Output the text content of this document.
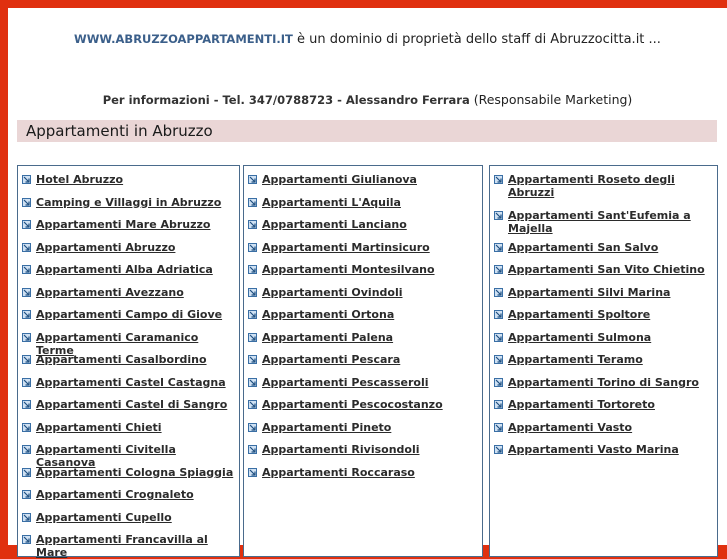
WWW.ABRUZZOAPPARTAMENTI.IT è un dominio di proprietà dello staff di Abruzzocitta.it ...
Per informazioni - Tel. 347/0788723 - Alessandro Ferrara (Responsabile Marketing)
Appartamenti in Abruzzo
Hotel Abruzzo
Camping e Villaggi in Abruzzo
Appartamenti Mare Abruzzo
Appartamenti Abruzzo
Appartamenti Alba Adriatica
Appartamenti Avezzano
Appartamenti Campo di Giove
Appartamenti Caramanico Terme
Appartamenti Casalbordino
Appartamenti Castel Castagna
Appartamenti Castel di Sangro
Appartamenti Chieti
Appartamenti Civitella Casanova
Appartamenti Cologna Spiaggia
Appartamenti Crognaleto
Appartamenti Cupello
Appartamenti Francavilla al Mare
Appartamenti Giulianova
Appartamenti L'Aquila
Appartamenti Lanciano
Appartamenti Martinsicuro
Appartamenti Montesilvano
Appartamenti Ovindoli
Appartamenti Ortona
Appartamenti Palena
Appartamenti Pescara
Appartamenti Pescasseroli
Appartamenti Pescocostanzo
Appartamenti Pineto
Appartamenti Rivisondoli
Appartamenti Roccaraso
Appartamenti Roseto degli Abruzzi
Appartamenti Sant'Eufemia a Majella
Appartamenti San Salvo
Appartamenti San Vito Chietino
Appartamenti Silvi Marina
Appartamenti Spoltore
Appartamenti Sulmona
Appartamenti Teramo
Appartamenti Torino di Sangro
Appartamenti Tortoreto
Appartamenti Vasto
Appartamenti Vasto Marina
